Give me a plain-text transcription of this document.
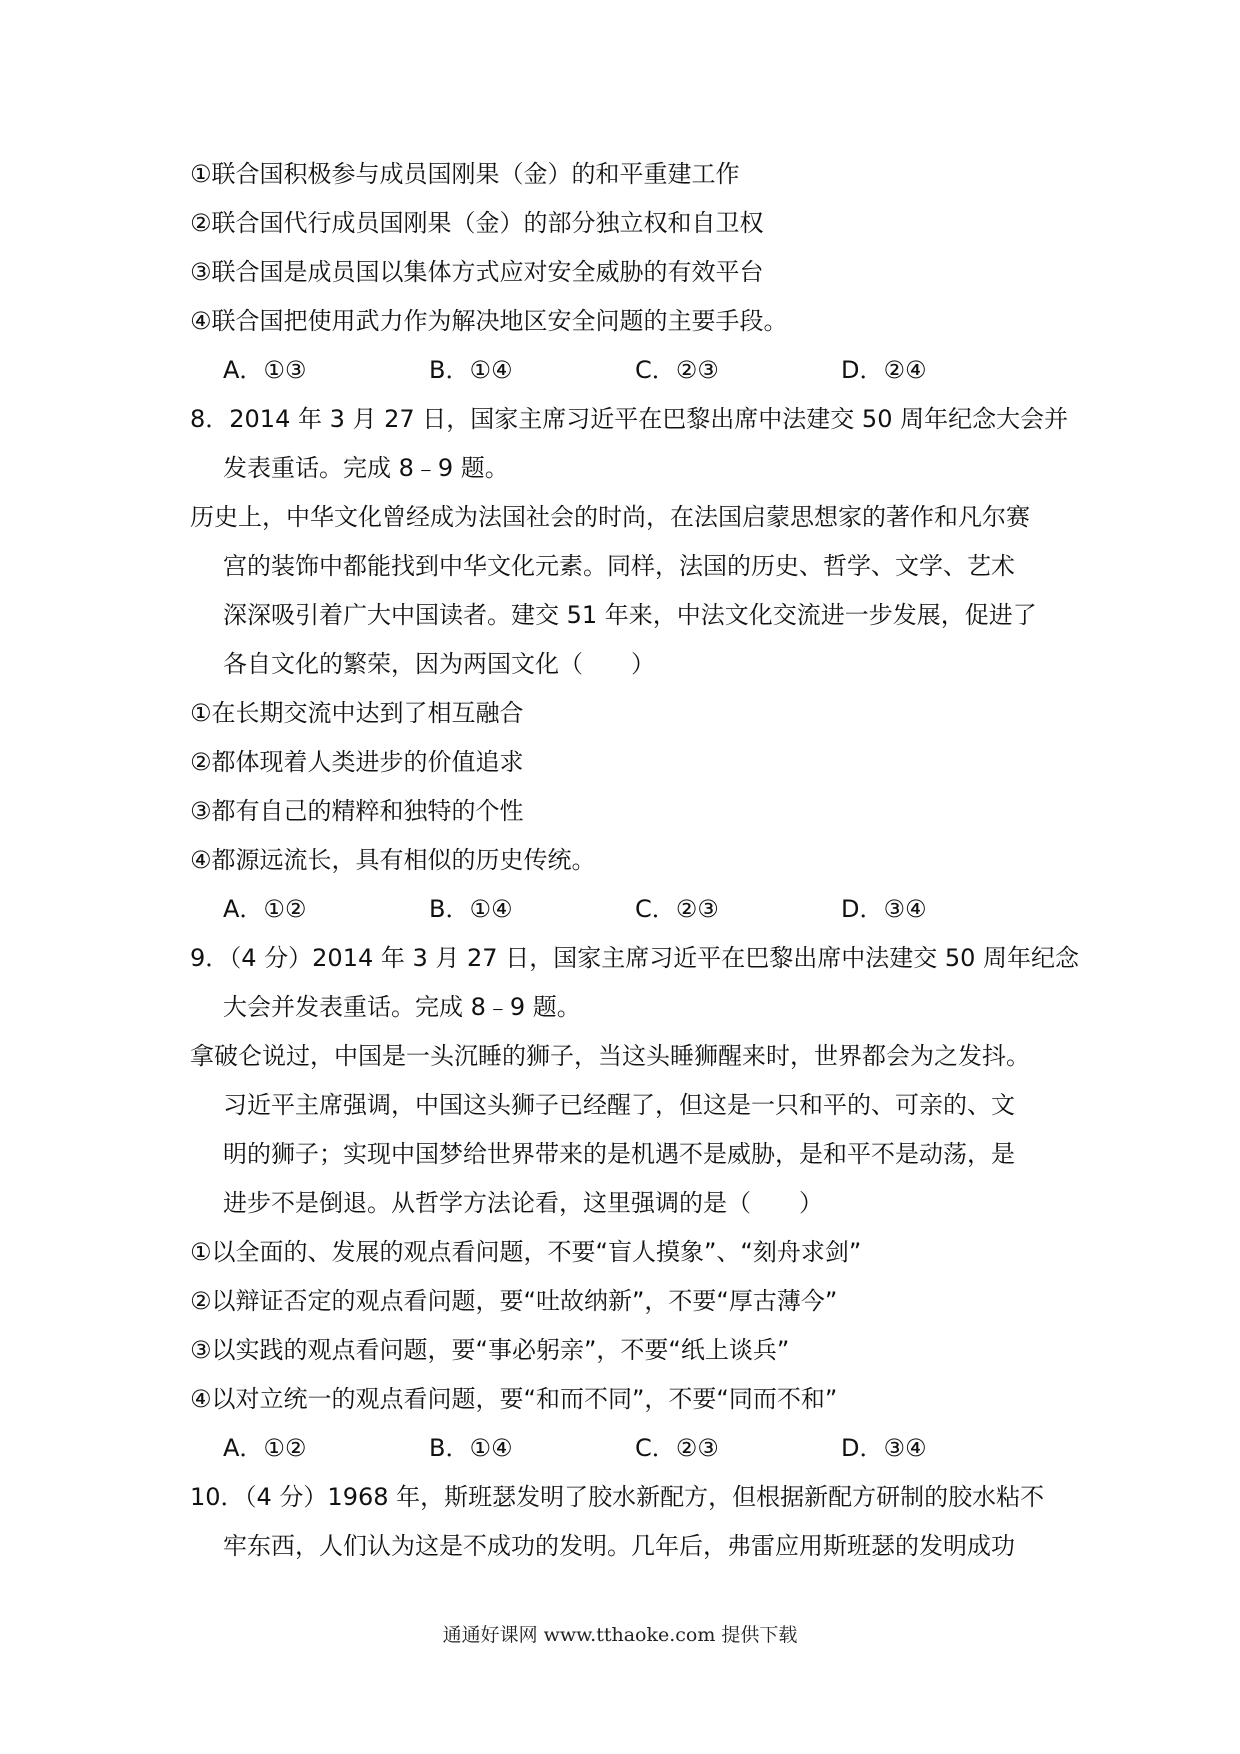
①联合国积极参与成员国刚果（金）的和平重建工作
②联合国代行成员国刚果（金）的部分独立权和自卫权
③联合国是成员国以集体方式应对安全威胁的有效平台
④联合国把使用武力作为解决地区安全问题的主要手段。
A．①③	B．①④	C．②③	D．②④
8．2014 年 3 月 27 日，国家主席习近平在巴黎出席中法建交 50 周年纪念大会并
发表重话。完成 8﹣9 题。
历史上，中华文化曾经成为法国社会的时尚，在法国启蒙思想家的著作和凡尔赛
宫的装饰中都能找到中华文化元素。同样，法国的历史、哲学、文学、艺术
深深吸引着广大中国读者。建交 51 年来，中法文化交流进一步发展，促进了
各自文化的繁荣，因为两国文化（　　）
①在长期交流中达到了相互融合
②都体现着人类进步的价值追求
③都有自己的精粹和独特的个性
④都源远流长，具有相似的历史传统。
A．①②	B．①④	C．②③	D．③④
9．（4 分）2014 年 3 月 27 日，国家主席习近平在巴黎出席中法建交 50 周年纪念
大会并发表重话。完成 8﹣9 题。
拿破仑说过，中国是一头沉睡的狮子，当这头睡狮醒来时，世界都会为之发抖。
习近平主席强调，中国这头狮子已经醒了，但这是一只和平的、可亲的、文
明的狮子；实现中国梦给世界带来的是机遇不是威胁，是和平不是动荡，是
进步不是倒退。从哲学方法论看，这里强调的是（　　）
①以全面的、发展的观点看问题，不要“盲人摸象”、“刻舟求剑”
②以辩证否定的观点看问题，要“吐故纳新”，不要“厚古薄今”
③以实践的观点看问题，要“事必躬亲”，不要“纸上谈兵”
④以对立统一的观点看问题，要“和而不同”，不要“同而不和”
A．①②	B．①④	C．②③	D．③④
10．（4 分）1968 年，斯班瑟发明了胶水新配方，但根据新配方研制的胶水粘不
牢东西，人们认为这是不成功的发明。几年后，弗雷应用斯班瑟的发明成功
通通好课网 www.tthaoke.com 提供下载
